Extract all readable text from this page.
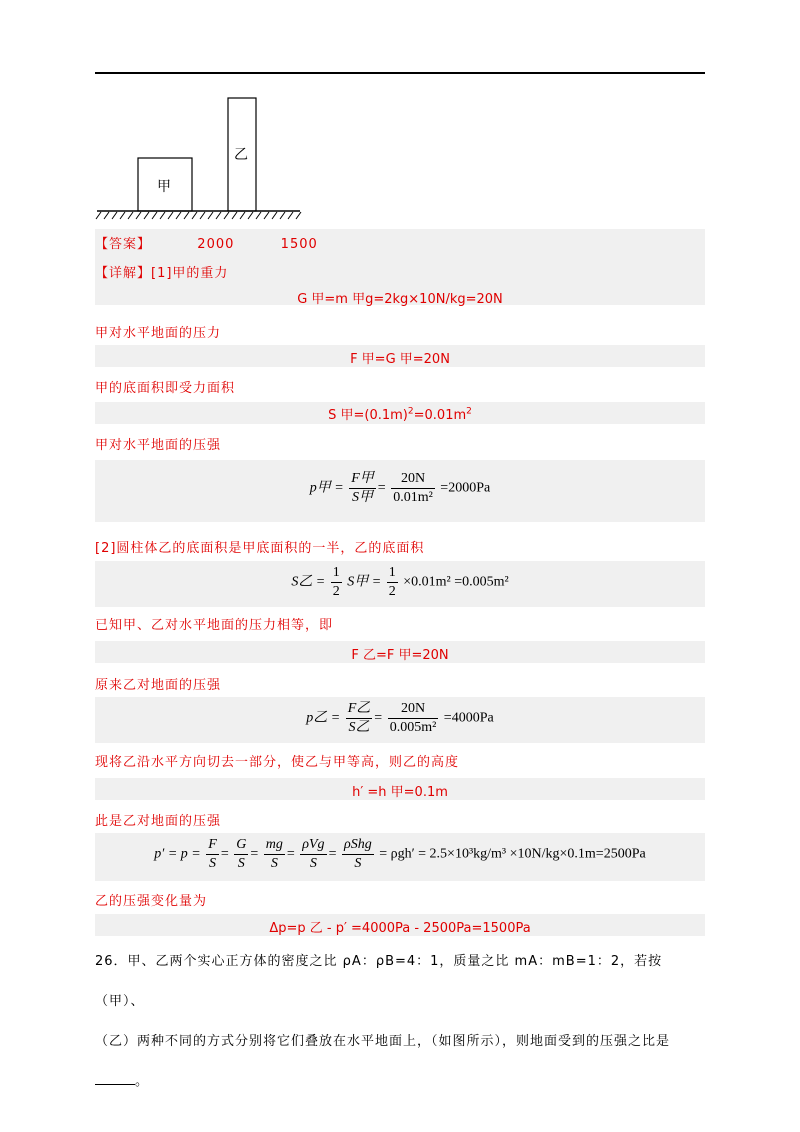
甲
乙
【答案】	2000	1500
【详解】[1]甲的重力
G 甲=m 甲g=2kg×10N/kg=20N
甲对水平地面的压力
F 甲=G 甲=20N
甲的底面积即受力面积
S 甲$=(0.1m)^2=0.01m^2$
甲对水平地面的压强
p甲 = $\frac{\text{F甲}}{\text{S甲}} = \frac{20N}{\text{0.01m²}} =2000Pa$
[2]圆柱体乙的底面积是甲底面积的一半，乙的底面积
S乙 = $\frac{1}{2}$ S甲 = $\frac{1}{2} \times 0.01m^2 =0.005m^2$
已知甲、乙对水平地面的压力相等，即
F 乙=F 甲=20N
原来乙对地面的压强
p乙 = $\frac{\text{F乙}}{\text{S乙}} = \frac{20N}{\text{0.005m²}} =4000Pa$
现将乙沿水平方向切去一部分，使乙与甲等高，则乙的高度
h′ =h 甲=0.1m
此是乙对地面的压强
$p' = p = \frac{F}{S} = \frac{G}{S} = \frac{mg}{S} = \frac{\text{ρVg}}{S} = \frac{\text{ρShg}}{S} = \rho gh' = 2.5\times 10^3kg/m^3 \times 10N/kg\times 0.1m=2500Pa$
乙的压强变化量为
Δp=p 乙 - p′ =4000Pa - 2500Pa=1500Pa
26．甲、乙两个实心正方体的密度之比 ρA：ρB=4：1，质量之比 mA：mB=1：2，若按（甲）、
（乙）两种不同的方式分别将它们叠放在水平地面上，（如图所示），则地面受到的压强之比是
。
